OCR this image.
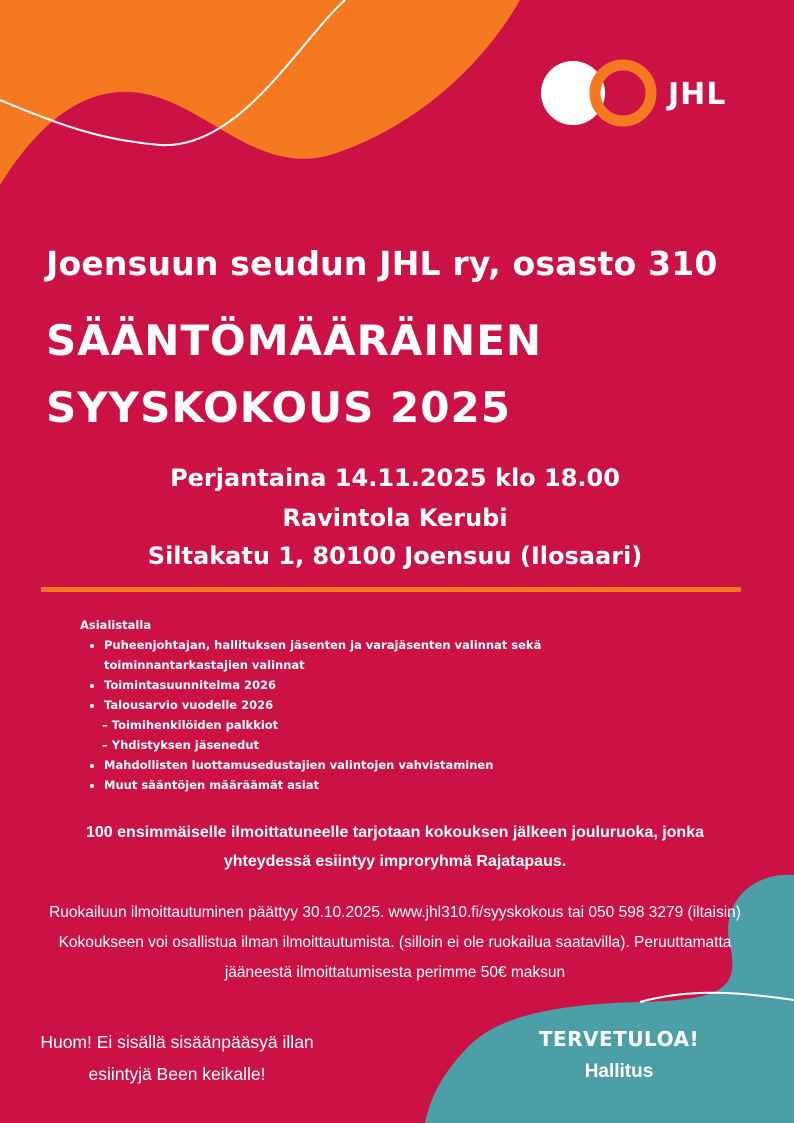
JHL
Joensuun seudun JHL ry, osasto 310
SÄÄNTÖMÄÄRÄINEN
SYYSKOKOUS 2025
Perjantaina 14.11.2025 klo 18.00
Ravintola Kerubi
Siltakatu 1, 80100 Joensuu (Ilosaari)
Asialistalla
• Puheenjohtajan, hallituksen jäsenten ja varajäsenten valinnat sekä
toiminnantarkastajien valinnat
• Toimintasuunnitelma 2026
• Talousarvio vuodelle 2026
– Toimihenkilöiden palkkiot
– Yhdistyksen jäsenedut
• Mahdollisten luottamusedustajien valintojen vahvistaminen
• Muut sääntöjen määräämät asiat
100 ensimmäiselle ilmoittatuneelle tarjotaan kokouksen jälkeen jouluruoka, jonka
yhteydessä esiintyy improryhmä Rajatapaus.
Ruokailuun ilmoittautuminen päättyy 30.10.2025. www.jhl310.fi/syyskokous tai 050 598 3279 (iltaisin)
Kokoukseen voi osallistua ilman ilmoittautumista. (silloin ei ole ruokailua saatavilla). Peruuttamatta
jääneestä ilmoittatumisesta perimme 50€ maksun
Huom! Ei sisällä sisäänpääsyä illan
esiintyjä Been keikalle!
TERVETULOA!
Hallitus
